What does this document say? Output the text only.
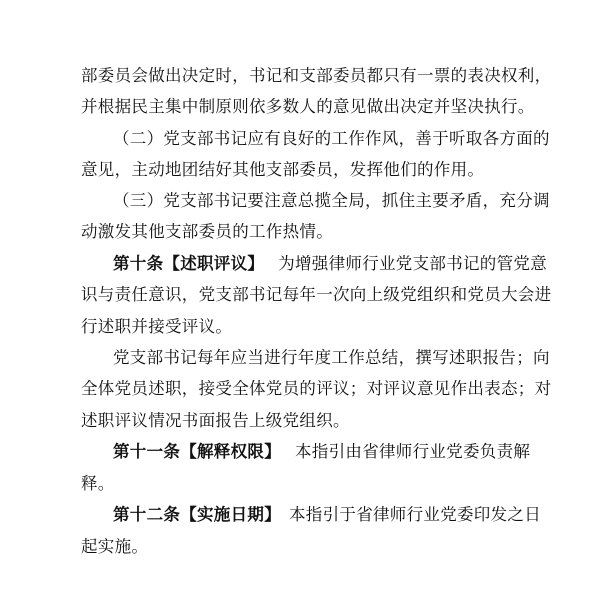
部委员会做出决定时，书记和支部委员都只有一票的表决权利，
并根据民主集中制原则依多数人的意见做出决定并坚决执行。
（二）党支部书记应有良好的工作作风，善于听取各方面的
意见，主动地团结好其他支部委员，发挥他们的作用。
（三）党支部书记要注意总揽全局，抓住主要矛盾，充分调
动激发其他支部委员的工作热情。
第十条【述职评议】 为增强律师行业党支部书记的管党意
识与责任意识，党支部书记每年一次向上级党组织和党员大会进
行述职并接受评议。
党支部书记每年应当进行年度工作总结，撰写述职报告；向
全体党员述职，接受全体党员的评议；对评议意见作出表态；对
述职评议情况书面报告上级党组织。
第十一条【解释权限】 本指引由省律师行业党委负责解
释。
第十二条【实施日期】 本指引于省律师行业党委印发之日
起实施。
